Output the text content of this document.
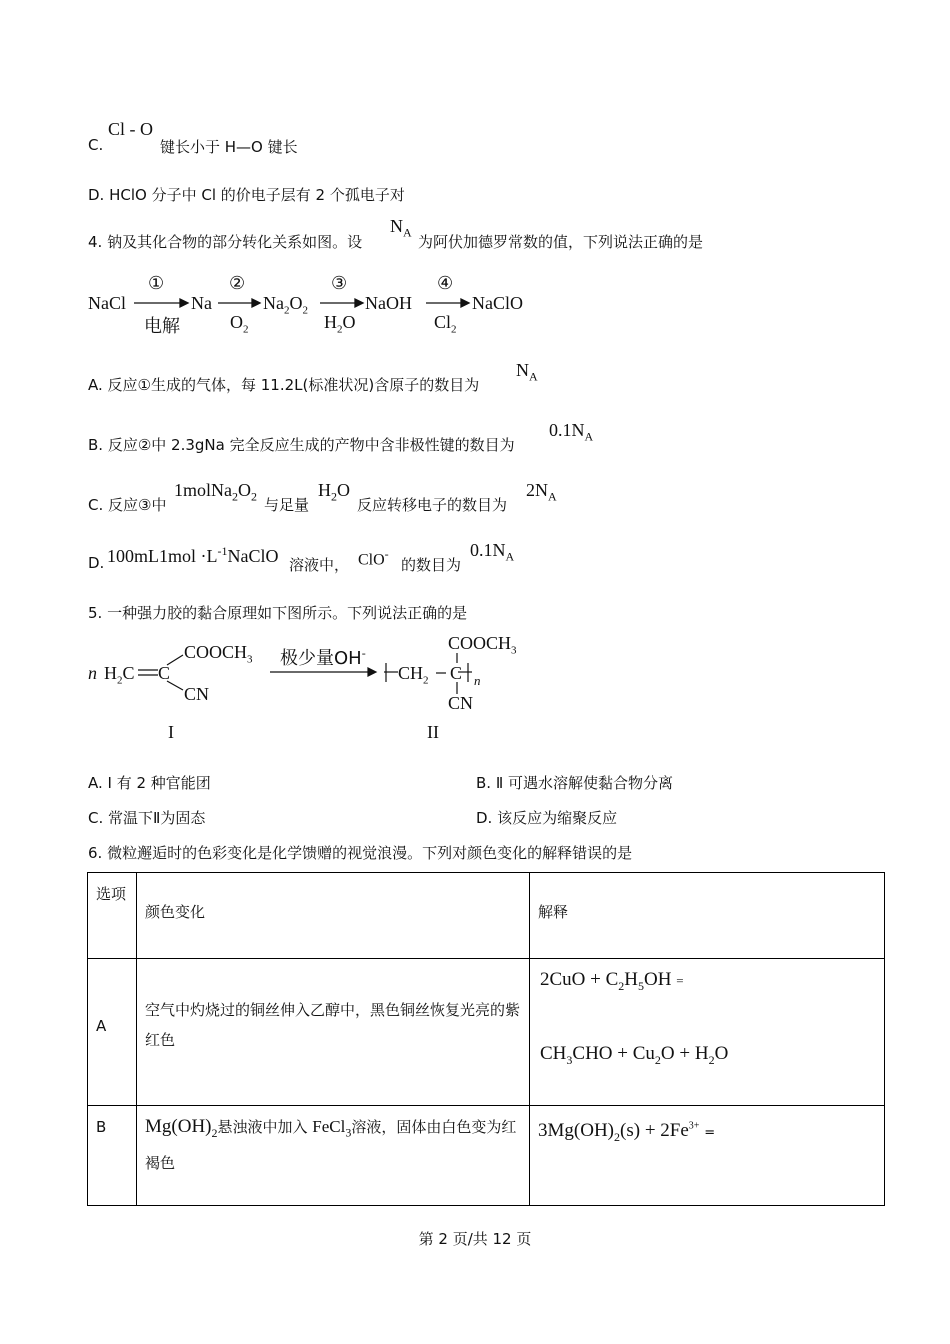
C.
Cl - O
键长小于 H—O 键长
D. HClO 分子中 Cl 的价电子层有 2 个孤电子对
4. 钠及其化合物的部分转化关系如图。设
$N_A$
为阿伏加德罗常数的值，下列说法正确的是
NaCl	Na	$Na_2O_2$	NaOH	NaClO
①
电解
②
$O_2$
③
$H_2O$
④
$Cl_2$
A. 反应①生成的气体，每 11.2L(标准状况)含原子的数目为
$N_A$
B. 反应②中 2.3gNa 完全反应生成的产物中含非极性键的数目为
$0.1N_A$
C. 反应③中
$1molNa_2O_2$ 与足量
$H_2O$
反应转移电子的数目为
$2N_A$
D. $100mL1mol \cdot L^{-1}NaClO$ 溶液中， ClO-
的数目为
$0.1N_A$
5. 一种强力胶的黏合原理如下图所示。下列说法正确的是
n $H_2C$ C
$COOCH_3$
CN
极少量OH-
$CH_2$ C n
$COOCH_3$
CN
I	II
A. Ⅰ 有 2 种官能团	B. Ⅱ 可遇水溶解使黏合物分离
C. 常温下Ⅱ为固态	D. 该反应为缩聚反应
6. 微粒邂逅时的色彩变化是化学馈赠的视觉浪漫。下列对颜色变化的解释错误的是
选项	颜色变化	解释
A	空气中灼烧过的铜丝伸入乙醇中，黑色铜丝恢复光亮的紫红色	$2CuO + C_2H_5OH$ =
$CH_3CHO + Cu_2O + H_2O$

B	$Mg(OH)_2$悬浊液中加入 FeCl$_3$溶液，固体由白色变为红褐色	$3Mg(OH)_2(s) + 2Fe^{3+}$ =
第 2 页/共 12 页
